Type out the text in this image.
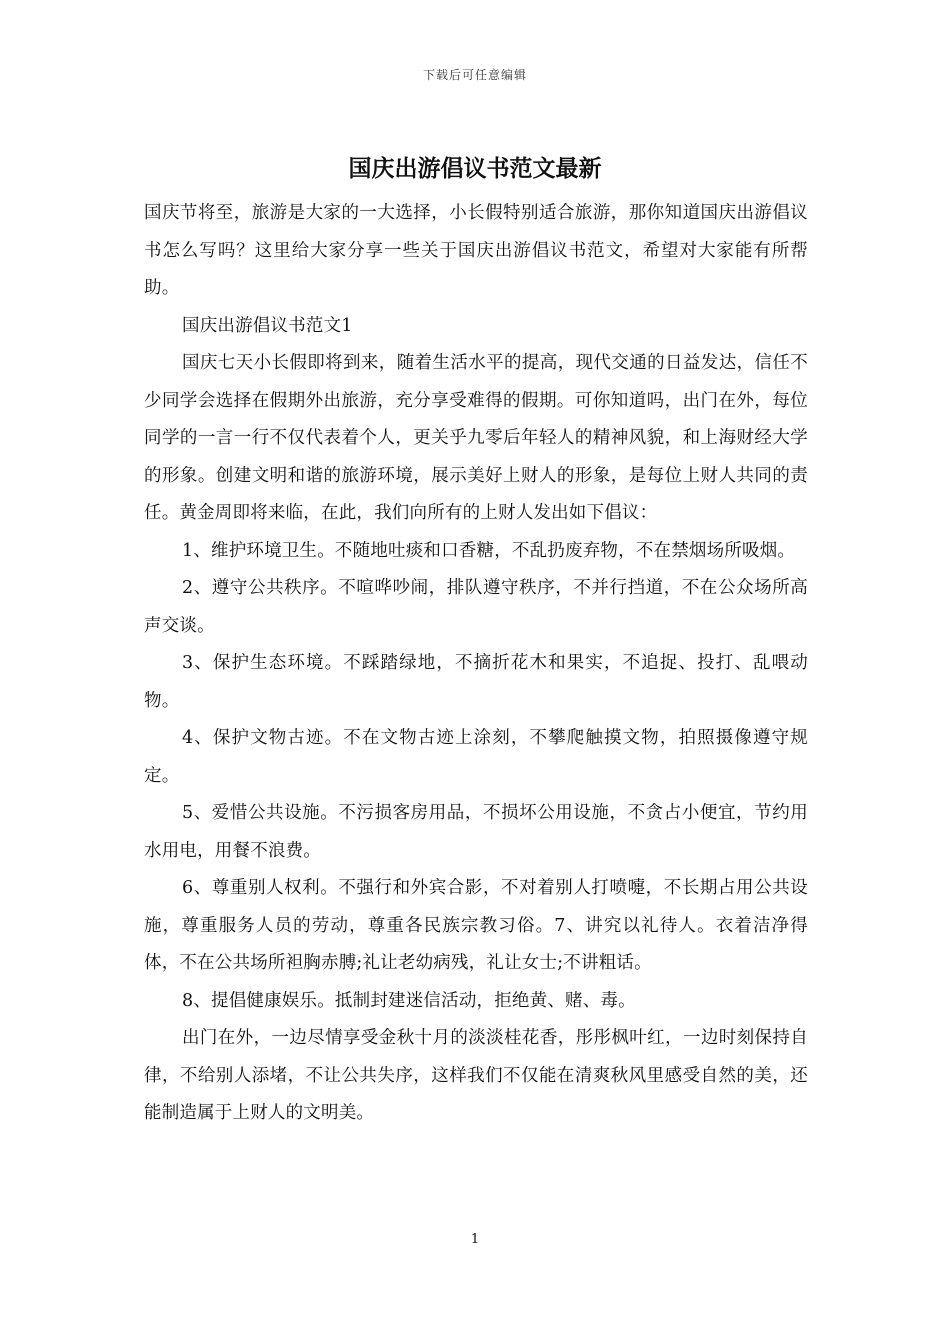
下载后可任意编辑
国庆出游倡议书范文最新

国庆节将至，旅游是大家的一大选择，小长假特别适合旅游，那你知道国庆出游倡议书怎么写吗？这里给大家分享一些关于国庆出游倡议书范文，希望对大家能有所帮助。

国庆出游倡议书范文1

国庆七天小长假即将到来，随着生活水平的提高，现代交通的日益发达，信任不少同学会选择在假期外出旅游，充分享受难得的假期。可你知道吗，出门在外，每位同学的一言一行不仅代表着个人，更关乎九零后年轻人的精神风貌，和上海财经大学的形象。创建文明和谐的旅游环境，展示美好上财人的形象，是每位上财人共同的责任。黄金周即将来临，在此，我们向所有的上财人发出如下倡议：

1、维护环境卫生。不随地吐痰和口香糖，不乱扔废弃物，不在禁烟场所吸烟。

2、遵守公共秩序。不喧哗吵闹，排队遵守秩序，不并行挡道，不在公众场所高声交谈。

3、保护生态环境。不踩踏绿地，不摘折花木和果实，不追捉、投打、乱喂动物。

4、保护文物古迹。不在文物古迹上涂刻，不攀爬触摸文物，拍照摄像遵守规定。

5、爱惜公共设施。不污损客房用品，不损坏公用设施，不贪占小便宜，节约用水用电，用餐不浪费。

6、尊重别人权利。不强行和外宾合影，不对着别人打喷嚏，不长期占用公共设施，尊重服务人员的劳动，尊重各民族宗教习俗。7、讲究以礼待人。衣着洁净得体，不在公共场所袒胸赤膊;礼让老幼病残，礼让女士;不讲粗话。

8、提倡健康娱乐。抵制封建迷信活动，拒绝黄、赌、毒。

出门在外，一边尽情享受金秋十月的淡淡桂花香，彤彤枫叶红，一边时刻保持自律，不给别人添堵，不让公共失序，这样我们不仅能在清爽秋风里感受自然的美，还能制造属于上财人的文明美。

1
